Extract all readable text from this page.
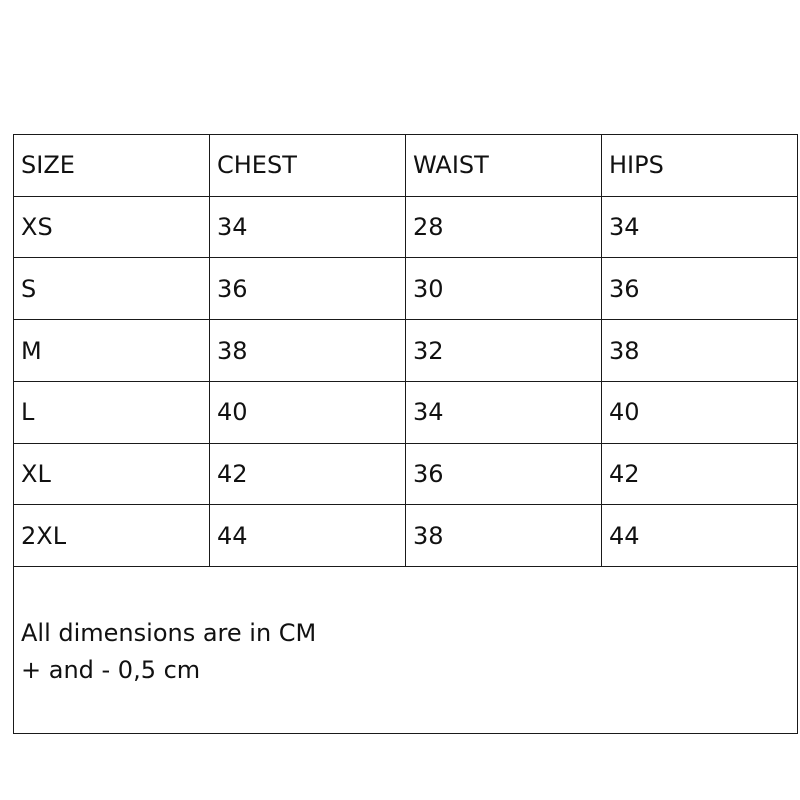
SIZE	CHEST	WAIST	HIPS
XS	34	28	34
S	36	30	36
M	38	32	38
L	40	34	40
XL	42	36	42
2XL	44	38	44

All dimensions are in CM
+ and - 0,5 cm			
